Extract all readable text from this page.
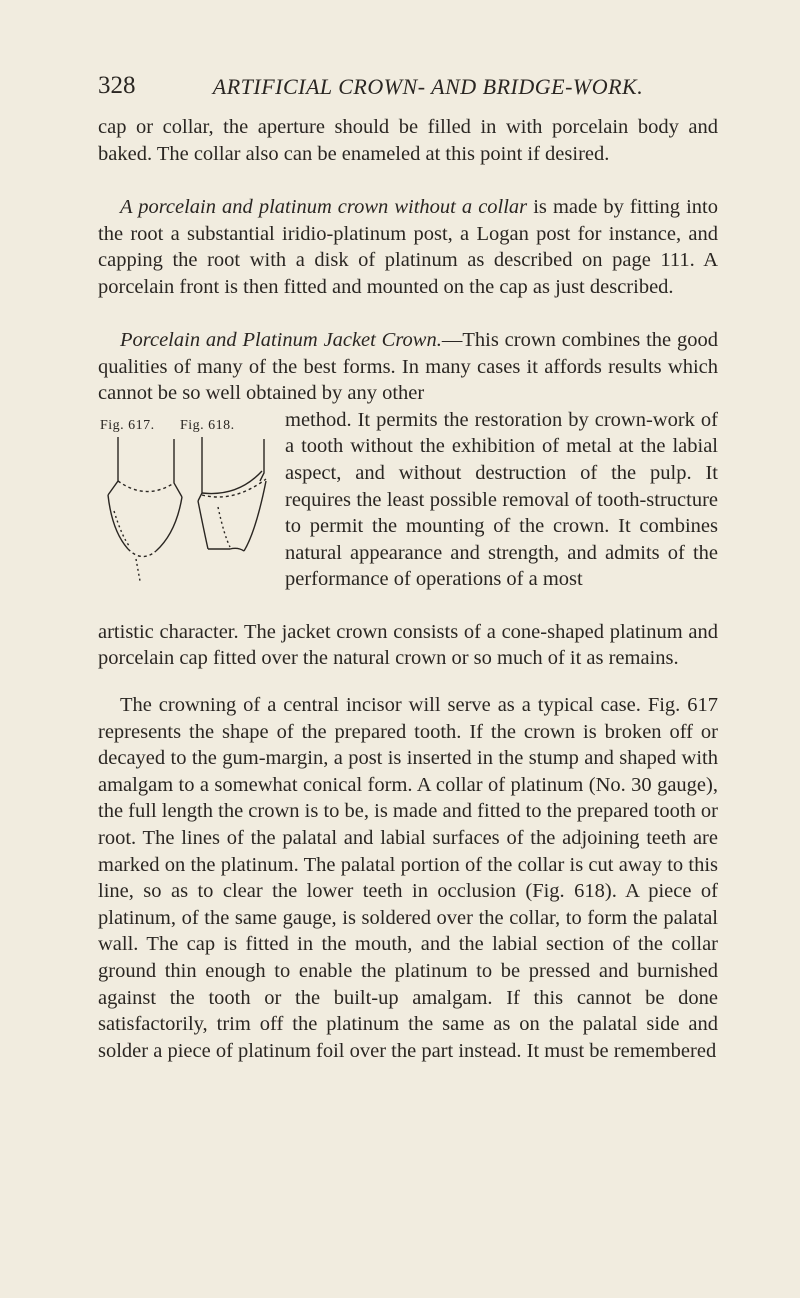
328	ARTIFICIAL CROWN- AND BRIDGE-WORK.

cap or collar, the aperture should be filled in with porcelain body and baked. The collar also can be enameled at this point if desired.

A porcelain and platinum crown without a collar is made by fitting into the root a substantial iridio-platinum post, a Logan post for instance, and capping the root with a disk of platinum as described on page 111. A porcelain front is then fitted and mounted on the cap as just described.

Porcelain and Platinum Jacket Crown.—This crown combines the good qualities of many of the best forms. In many cases it affords results which cannot be so well obtained by any other

Fig. 617. Fig. 618. method. It permits the restoration by crown-work of a tooth without the exhibition of metal at the labial aspect, and without destruction of the pulp. It requires the least possible removal of tooth-structure to permit the mounting of the crown. It combines natural appearance and strength, and admits of the performance of operations of a most

artistic character. The jacket crown consists of a cone-shaped platinum and porcelain cap fitted over the natural crown or so much of it as remains.

The crowning of a central incisor will serve as a typical case. Fig. 617 represents the shape of the prepared tooth. If the crown is broken off or decayed to the gum-margin, a post is inserted in the stump and shaped with amalgam to a somewhat conical form. A collar of platinum (No. 30 gauge), the full length the crown is to be, is made and fitted to the prepared tooth or root. The lines of the palatal and labial surfaces of the adjoining teeth are marked on the platinum. The palatal portion of the collar is cut away to this line, so as to clear the lower teeth in occlusion (Fig. 618). A piece of platinum, of the same gauge, is soldered over the collar, to form the palatal wall. The cap is fitted in the mouth, and the labial section of the collar ground thin enough to enable the platinum to be pressed and burnished against the tooth or the built-up amalgam. If this cannot be done satisfactorily, trim off the platinum the same as on the palatal side and solder a piece of platinum foil over the part instead. It must be remembered
